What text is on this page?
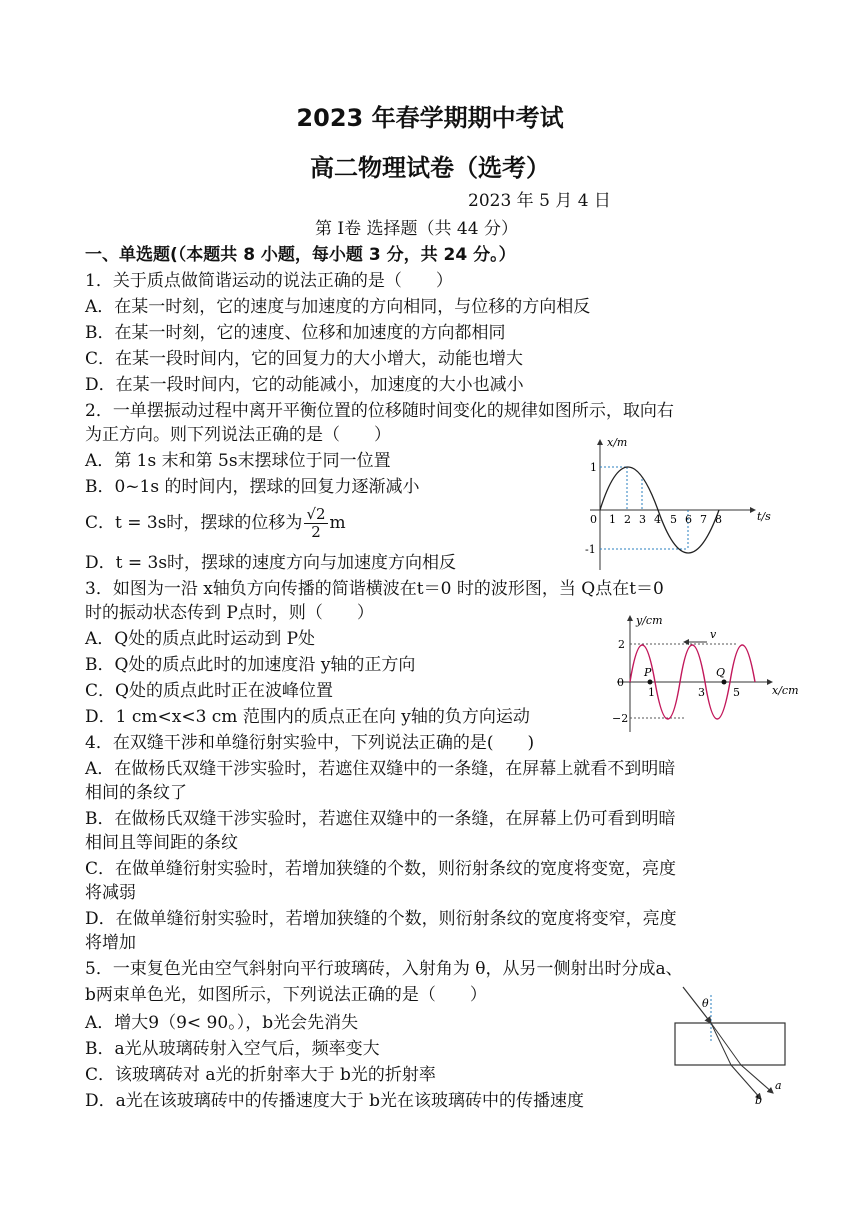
2023 年春学期期中考试
高二物理试卷（选考）
2023 年 5 月 4 日
第 I卷 选择题（共 44 分）
一、单选题(（本题共 8 小题，每小题 3 分，共 24 分。）
1．关于质点做简谐运动的说法正确的是（　　）
A．在某一时刻，它的速度与加速度的方向相同，与位移的方向相反
B．在某一时刻，它的速度、位移和加速度的方向都相同
C．在某一段时间内，它的回复力的大小增大，动能也增大
D．在某一段时间内，它的动能减小，加速度的大小也减小
2．一单摆振动过程中离开平衡位置的位移随时间变化的规律如图所示，取向右
为正方向。则下列说法正确的是（　　）
A．第 1s 末和第 5s末摆球位于同一位置
B．0~1s 的时间内，摆球的回复力逐渐减小
C．t = 3s时，摆球的位移为 $\frac{√2}{2}$ m
D．t = 3s时，摆球的速度方向与加速度方向相反
x/m
t/s
0
1
-1
1 2 3 4 5 6 7 8
3．如图为一沿 x轴负方向传播的简谐横波在t＝0 时的波形图，当 Q点在t＝0
时的振动状态传到 P点时，则（　　）
A．Q处的质点此时运动到 P处
B．Q处的质点此时的加速度沿 y轴的正方向
C．Q处的质点此时正在波峰位置
D．1 cm<x<3 cm 范围内的质点正在向 y轴的负方向运动
y/cm
x/cm
0
2
−2
P	Q
v
1	3	5
4．在双缝干涉和单缝衍射实验中，下列说法正确的是(　　)
A．在做杨氏双缝干涉实验时，若遮住双缝中的一条缝，在屏幕上就看不到明暗
相间的条纹了
B．在做杨氏双缝干涉实验时，若遮住双缝中的一条缝，在屏幕上仍可看到明暗
相间且等间距的条纹
C．在做单缝衍射实验时，若增加狭缝的个数，则衍射条纹的宽度将变宽，亮度
将减弱
D．在做单缝衍射实验时，若增加狭缝的个数，则衍射条纹的宽度将变窄，亮度
将增加
5．一束复色光由空气斜射向平行玻璃砖，入射角为 θ，从另一侧射出时分成a、
b两束单色光，如图所示，下列说法正确的是（　　）
A．增大9（9< 90。），b光会先消失
B．a光从玻璃砖射入空气后，频率变大
C．该玻璃砖对 a光的折射率大于 b光的折射率
D．a光在该玻璃砖中的传播速度大于 b光在该玻璃砖中的传播速度
θ
a
b
